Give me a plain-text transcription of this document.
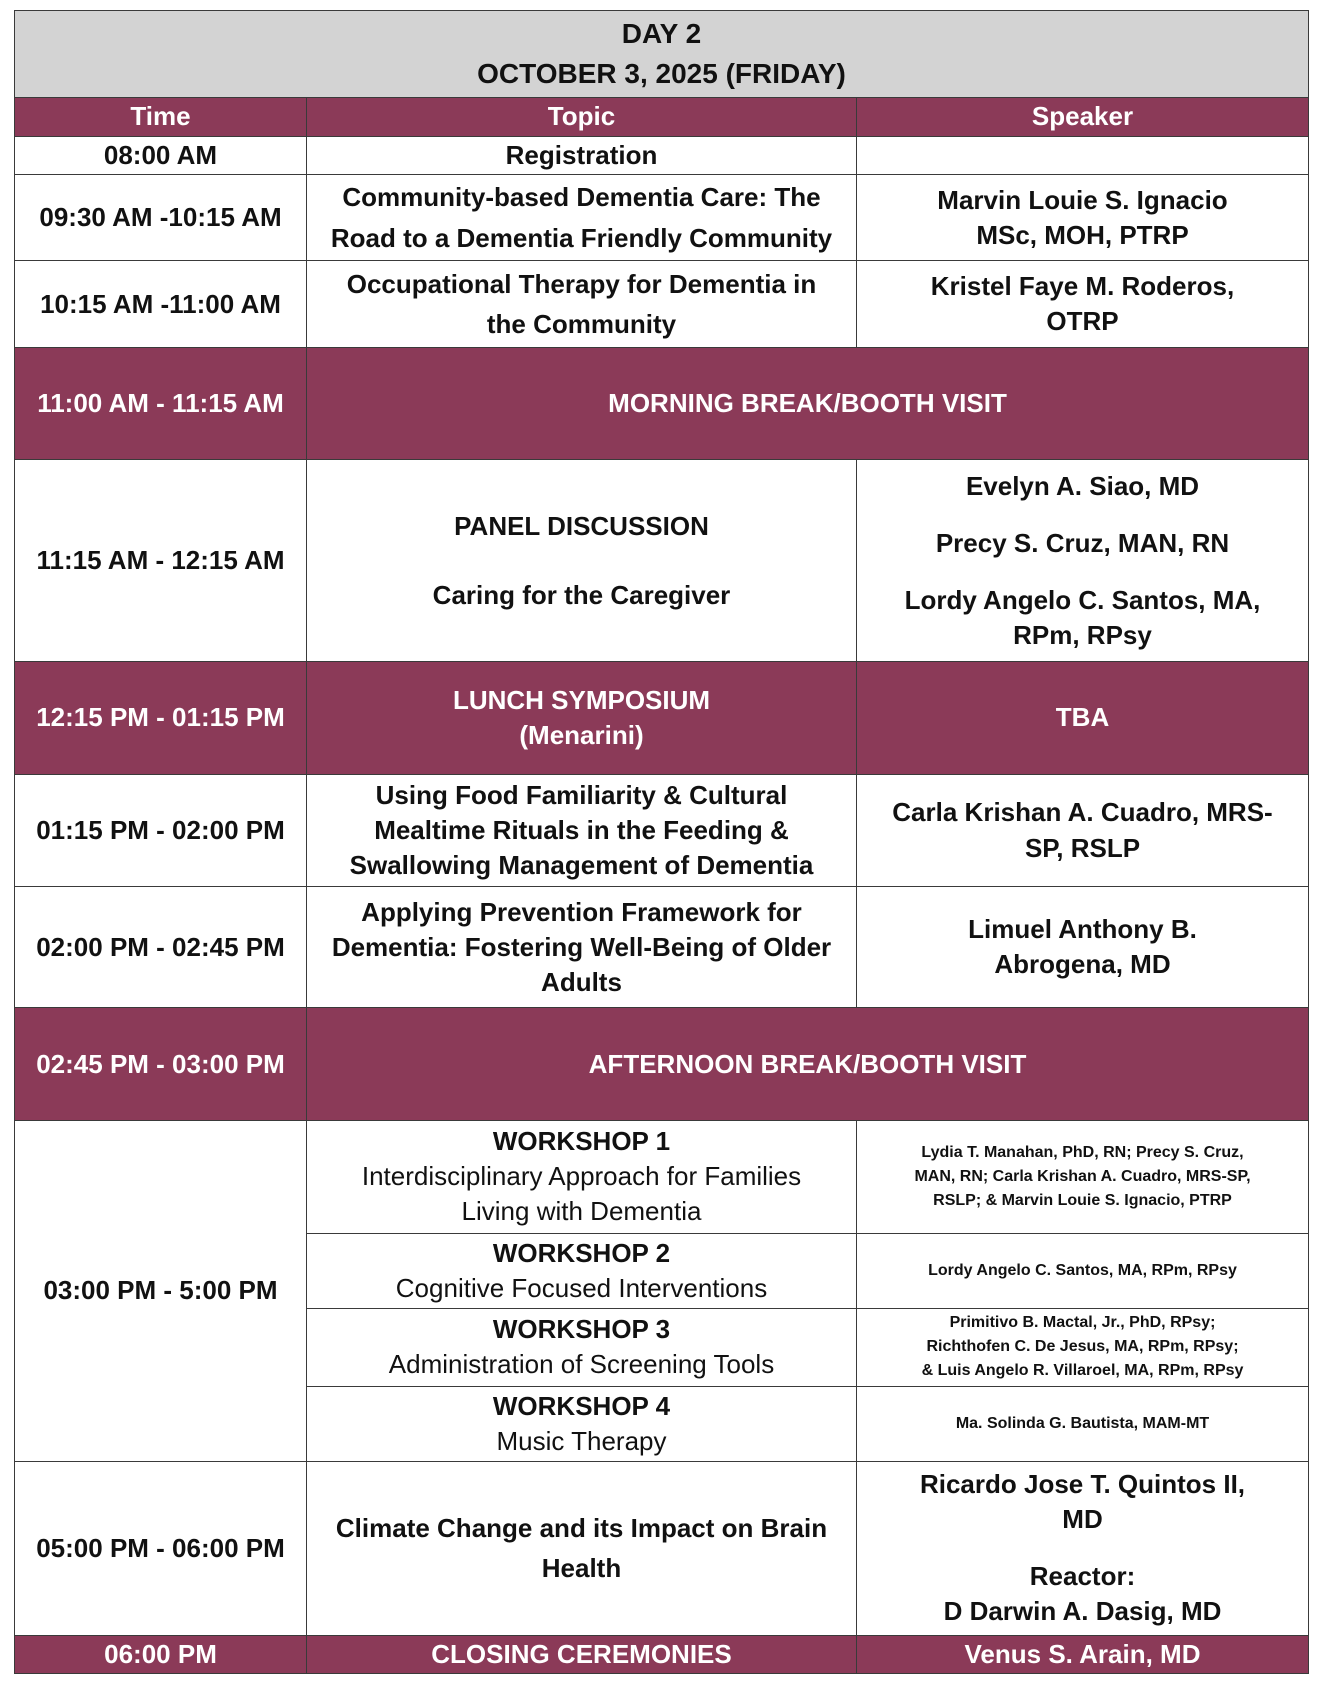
DAY 2
OCTOBER 3, 2025 (FRIDAY)		

Time	Topic	Speaker
08:00 AM	Registration	
09:30 AM -10:15 AM	Community-based Dementia Care: The
Road to a Dementia Friendly Community	Marvin Louie S. Ignacio
MSc, MOH, PTRP

10:15 AM -11:00 AM	Occupational Therapy for Dementia in
the Community	Kristel Faye M. Roderos,
OTRP

11:00 AM - 11:15 AM	MORNING BREAK/BOOTH VISIT	
11:15 AM - 12:15 AM	PANEL DISCUSSION
Caring for the Caregiver	Evelyn A. Siao, MD
Precy S. Cruz, MAN, RN
Lordy Angelo C. Santos, MA,
RPm, RPsy

12:15 PM - 01:15 PM	LUNCH SYMPOSIUM
(Menarini)	TBA
01:15 PM - 02:00 PM	Using Food Familiarity & Cultural
Mealtime Rituals in the Feeding &
Swallowing Management of Dementia	Carla Krishan A. Cuadro, MRS-
SP, RSLP

02:00 PM - 02:45 PM	Applying Prevention Framework for
Dementia: Fostering Well-Being of Older
Adults	Limuel Anthony B.
Abrogena, MD

02:45 PM - 03:00 PM	AFTERNOON BREAK/BOOTH VISIT	
03:00 PM - 5:00 PM	WORKSHOP 1
Interdisciplinary Approach for Families
Living with Dementia	Lydia T. Manahan, PhD, RN; Precy S. Cruz,
MAN, RN; Carla Krishan A. Cuadro, MRS-SP,
RSLP; & Marvin Louie S. Ignacio, PTRP

	WORKSHOP 2
Cognitive Focused Interventions	Lordy Angelo C. Santos, MA, RPm, RPsy

	WORKSHOP 3
Administration of Screening Tools	Primitivo B. Mactal, Jr., PhD, RPsy;
Richthofen C. De Jesus, MA, RPm, RPsy;
& Luis Angelo R. Villaroel, MA, RPm, RPsy

	WORKSHOP 4
Music Therapy	Ma. Solinda G. Bautista, MAM-MT

05:00 PM - 06:00 PM	Climate Change and its Impact on Brain
Health	Ricardo Jose T. Quintos II,
MD
Reactor:
D Darwin A. Dasig, MD

06:00 PM	CLOSING CEREMONIES	Venus S. Arain, MD
